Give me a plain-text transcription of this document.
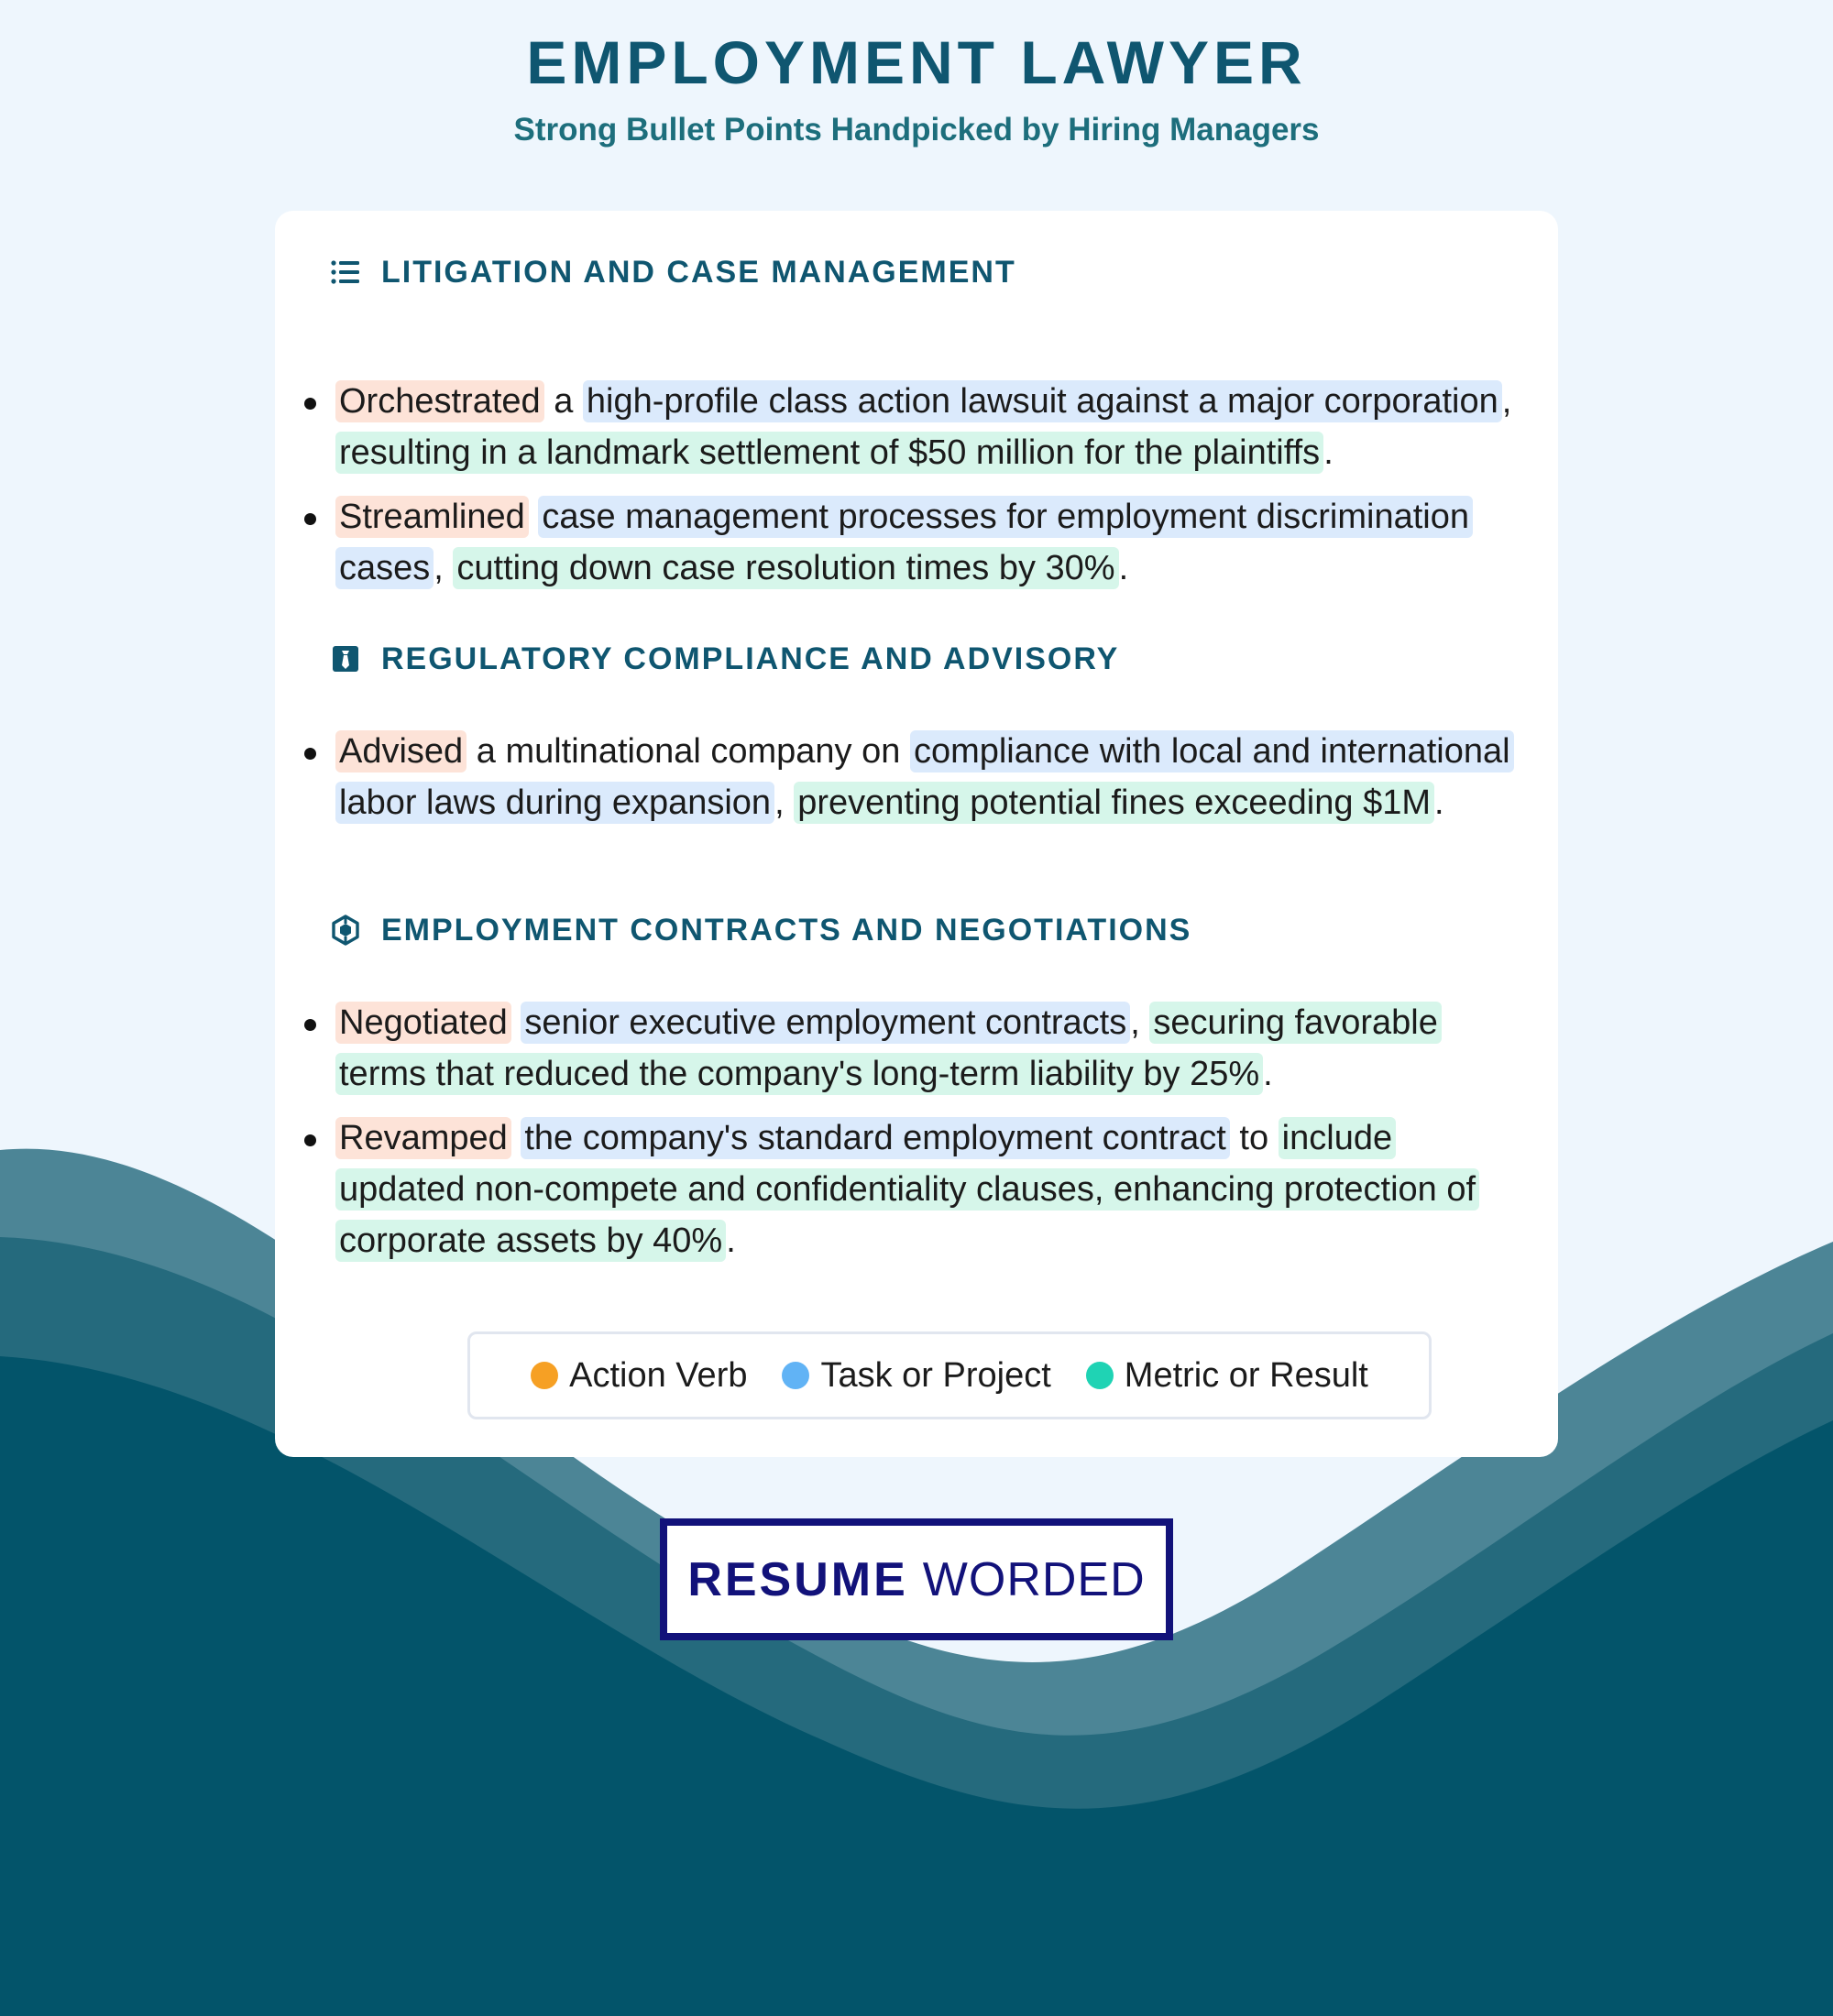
EMPLOYMENT LAWYER
Strong Bullet Points Handpicked by Hiring Managers
LITIGATION AND CASE MANAGEMENT
Orchestrated a high-profile class action lawsuit against a major corporation , resulting in a landmark settlement of $50 million for the plaintiffs .
Streamlined case management processes for employment discrimination cases , cutting down case resolution times by 30% .
REGULATORY COMPLIANCE AND ADVISORY
Advised a multinational company on compliance with local and international labor laws during expansion , preventing potential fines exceeding $1M .
EMPLOYMENT CONTRACTS AND NEGOTIATIONS
Negotiated senior executive employment contracts , securing favorable terms that reduced the company's long-term liability by 25% .
Revamped the company's standard employment contract to include updated non-compete and confidentiality clauses, enhancing protection of corporate assets by 40% .
Action Verb Task or Project Metric or Result
RESUME WORDED
